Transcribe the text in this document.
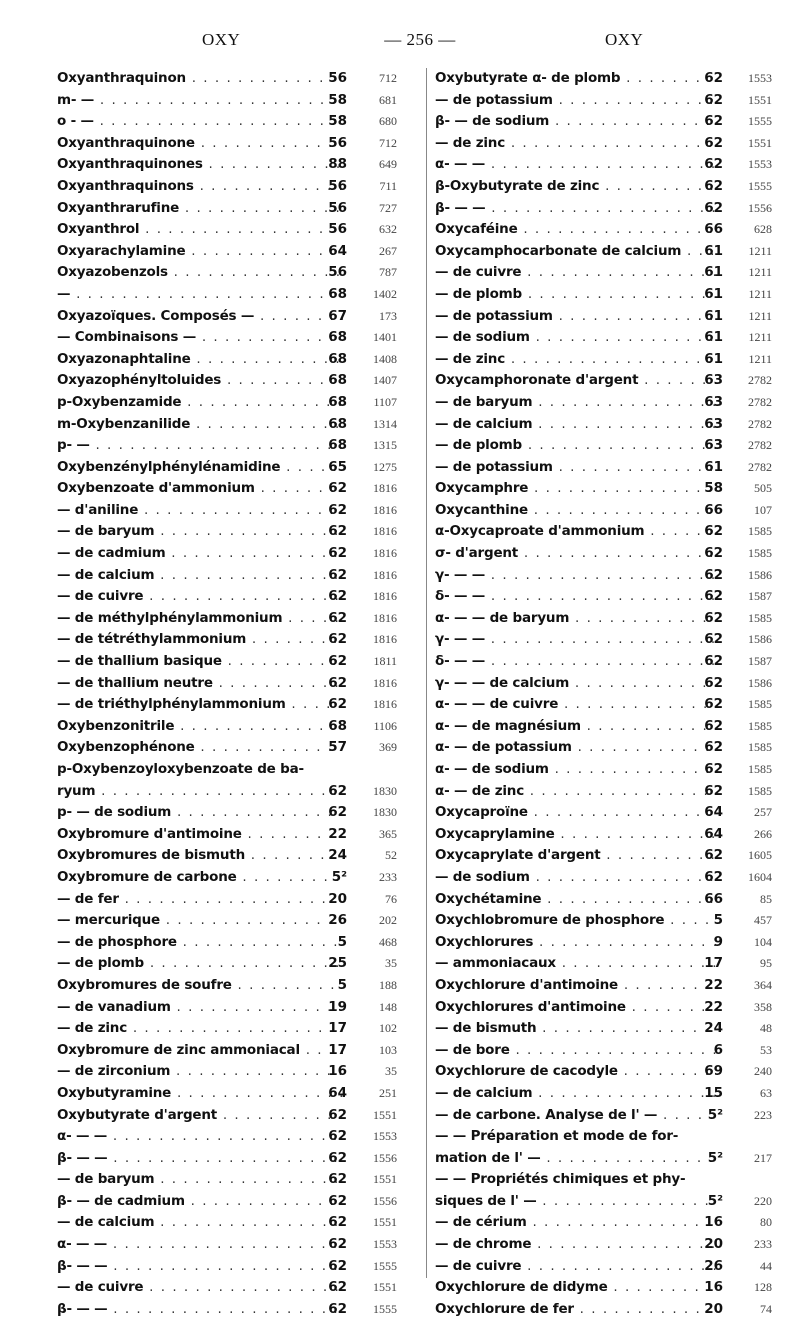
OXY	— 256 —	OXY
Oxyanthraquinon . . .	56	712
m- — . . .	58	681
o - — . . .	58	680
Oxyanthraquinone . . .	56	712
Oxyanthraquinones . . .	88	649
Oxyanthraquinons . . .	56	711
Oxyanthrarufine . . .	56	727
Oxyanthrol . . .	56	632
Oxyarachylamine . . .	64	267
Oxyazobenzols . . .	56	787
— . . .	68	1402
Oxyazoïques. Composés — . . .	67	173
— Combinaisons — . . .	68	1401
Oxyazonaphtaline . . .	68	1408
Oxyazophényltoluides . . .	68	1407
p-Oxybenzamide . . .	68	1107
m-Oxybenzanilide . . .	68	1314
p- — . . .	68	1315
Oxybenzénylphénylénamidine . . .	65	1275
Oxybenzoate d'ammonium . . .	62	1816
— d'aniline . . .	62	1816
— de baryum . . .	62	1816
— de cadmium . . .	62	1816
— de calcium . . .	62	1816
— de cuivre . . .	62	1816
— de méthylphénylammonium . . .	62	1816
— de tétréthylammonium . . .	62	1816
— de thallium basique . . .	62	1811
— de thallium neutre . . .	62	1816
— de triéthylphénylammonium . . .	62	1816
Oxybenzonitrile . . .	68	1106
Oxybenzophénone . . .	57	369
p-Oxybenzoyloxybenzoate de ba-
ryum . . .	62	1830
p- — de sodium . . .	62	1830
Oxybromure d'antimoine . . .	22	365
Oxybromures de bismuth . . .	24	52
Oxybromure de carbone . . .	5²	233
— de fer . . .	20	76
— mercurique . . .	26	202
— de phosphore . . .	5	468
— de plomb . . .	25	35
Oxybromures de soufre . . .	5	188
— de vanadium . . .	19	148
— de zinc . . .	17	102
Oxybromure de zinc ammoniacal . . .	17	103
— de zirconium . . .	16	35
Oxybutyramine . . .	64	251
Oxybutyrate d'argent . . .	62	1551
α- — — . . .	62	1553
β- — — . . .	62	1556
— de baryum . . .	62	1551
β- — de cadmium . . .	62	1556
— de calcium . . .	62	1551
α- — — . . .	62	1553
β- — — . . .	62	1555
— de cuivre . . .	62	1551
β- — — . . .	62	1555
Oxybutyrate α- de plomb . . .	62	1553
— de potassium . . .	62	1551
β- — de sodium . . .	62	1555
— de zinc . . .	62	1551
α- — — . . .	62	1553
β-Oxybutyrate de zinc . . .	62	1555
β- — — . . .	62	1556
Oxycaféine . . .	66	628
Oxycamphocarbonate de calcium . . .	61	1211
— de cuivre . . .	61	1211
— de plomb . . .	61	1211
— de potassium . . .	61	1211
— de sodium . . .	61	1211
— de zinc . . .	61	1211
Oxycamphoronate d'argent . . .	63	2782
— de baryum . . .	63	2782
— de calcium . . .	63	2782
— de plomb . . .	63	2782
— de potassium . . .	61	2782
Oxycamphre . . .	58	505
Oxycanthine . . .	66	107
α-Oxycaproate d'ammonium . . .	62	1585
σ- d'argent . . .	62	1585
γ- — — . . .	62	1586
δ- — — . . .	62	1587
α- — — de baryum . . .	62	1585
γ- — — . . .	62	1586
δ- — — . . .	62	1587
γ- — — de calcium . . .	62	1586
α- — — de cuivre . . .	62	1585
α- — de magnésium . . .	62	1585
α- — de potassium . . .	62	1585
α- — de sodium . . .	62	1585
α- — de zinc . . .	62	1585
Oxycaproïne . . .	64	257
Oxycaprylamine . . .	64	266
Oxycaprylate d'argent . . .	62	1605
— de sodium . . .	62	1604
Oxychétamine . . .	66	85
Oxychlobromure de phosphore . . .	5	457
Oxychlorures . . .	9	104
— ammoniacaux . . .	17	95
Oxychlorure d'antimoine . . .	22	364
Oxychlorures d'antimoine . . .	22	358
— de bismuth . . .	24	48
— de bore . . .	6	53
Oxychlorure de cacodyle . . .	69	240
— de calcium . . .	15	63
— de carbone. Analyse de l' — . . .	5²	223
— — Préparation et mode de for-
mation de l' — . . .	5²	217
— — Propriétés chimiques et phy-
siques de l' — . . .	5²	220
— de cérium . . .	16	80
— de chrome . . .	20	233
— de cuivre . . .	26	44
Oxychlorure de didyme . . .	16	128
Oxychlorure de fer . . .	20	74
